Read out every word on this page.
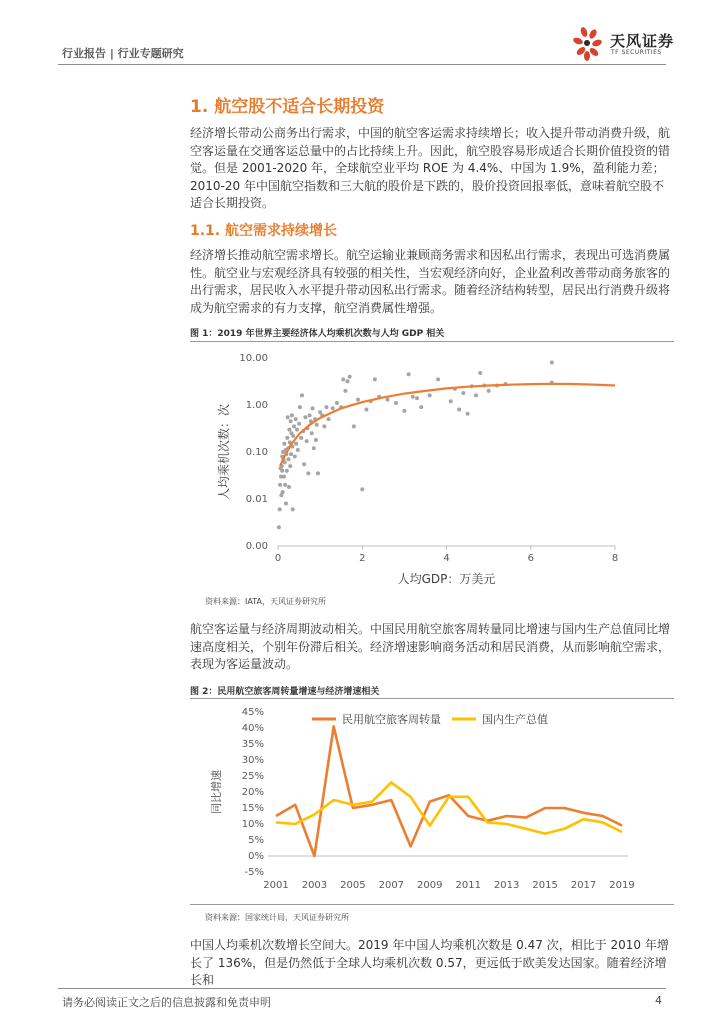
行业报告 | 行业专题研究
天风证券
TF SECURITIES
1. 航空股不适合长期投资
经济增长带动公商务出行需求，中国的航空客运需求持续增长；收入提升带动消费升级，航空客运量在交通客运总量中的占比持续上升。因此，航空股容易形成适合长期价值投资的错觉。但是 2001-2020 年，全球航空业平均 ROE 为 4.4%、中国为 1.9%，盈利能力差；2010-20 年中国航空指数和三大航的股价是下跌的，股价投资回报率低，意味着航空股不适合长期投资。
1.1. 航空需求持续增长
经济增长推动航空需求增长。航空运输业兼顾商务需求和因私出行需求，表现出可选消费属性。航空业与宏观经济具有较强的相关性，当宏观经济向好，企业盈利改善带动商务旅客的出行需求，居民收入水平提升带动因私出行需求。随着经济结构转型，居民出行消费升级将成为航空需求的有力支撑，航空消费属性增强。
图 1：2019 年世界主要经济体人均乘机次数与人均 GDP 相关
0.00
0.01
0.10
1.00
10.00
0	2	4	6	8
人均乘机次数：次
人均GDP：万美元
资料来源：IATA，天风证券研究所
航空客运量与经济周期波动相关。中国民用航空旅客周转量同比增速与国内生产总值同比增速高度相关，个别年份滞后相关。经济增速影响商务活动和居民消费，从而影响航空需求，表现为客运量波动。
图 2：民用航空旅客周转量增速与经济增速相关
-5%
0%
5%
10%
15%
20%
25%
30%
35%
40%
45%
2001 2003 2005 2007 2009 2011 2013 2015 2017 2019
同比增速
民用航空旅客周转量	国内生产总值
资料来源：国家统计局，天风证券研究所
中国人均乘机次数增长空间大。2019 年中国人均乘机次数是 0.47 次，相比于 2010 年增长了 136%，但是仍然低于全球人均乘机次数 0.57，更远低于欧美发达国家。随着经济增长和
请务必阅读正文之后的信息披露和免责申明	4
